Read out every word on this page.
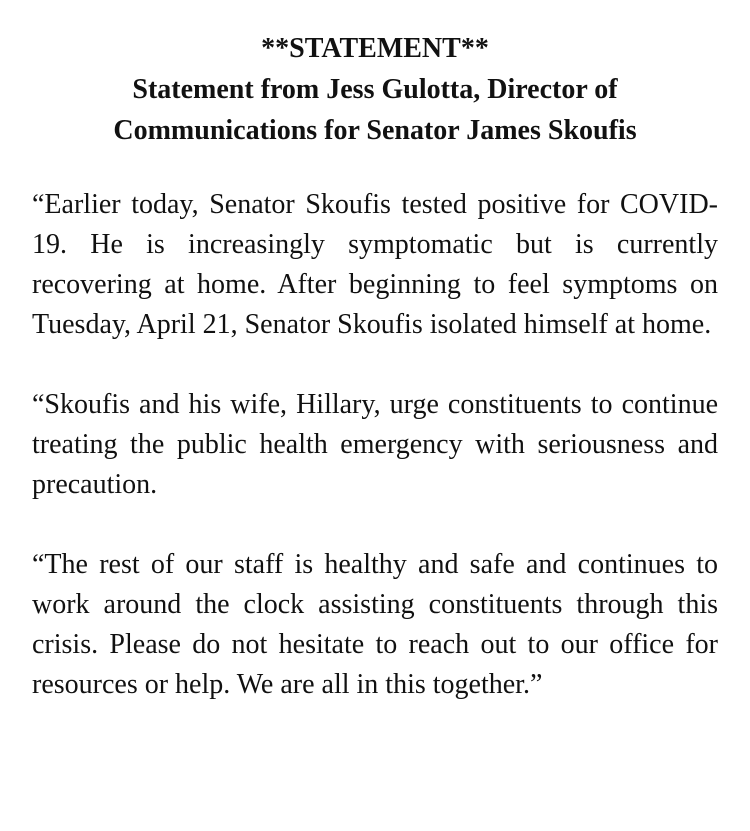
**STATEMENT**
Statement from Jess Gulotta, Director of
Communications for Senator James Skoufis

“Earlier today, Senator Skoufis tested positive for COVID-19. He is increasingly symptomatic but is currently recovering at home. After beginning to feel symptoms on Tuesday, April 21, Senator Skoufis isolated himself at home.

“Skoufis and his wife, Hillary, urge constituents to continue treating the public health emergency with seriousness and precaution.

“The rest of our staff is healthy and safe and continues to work around the clock assisting constituents through this crisis. Please do not hesitate to reach out to our office for resources or help. We are all in this together.”
